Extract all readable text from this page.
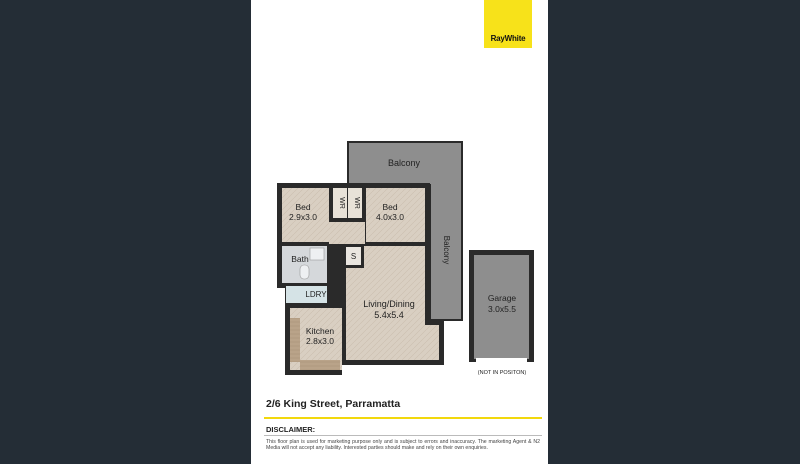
RayWhite
Balcony
Balcony
Bed
2.9x3.0
WR WR	Bed
4.0x3.0
Bath	S
LDRY
Living/Dining
5.4x5.4
Kitchen
2.8x3.0
Garage
3.0x5.5
(NOT IN POSITON)
2/6 King Street, Parramatta
DISCLAIMER:
This floor plan is used for marketing purpose only and is subject to errors and inaccuracy. The marketing Agent & N2 Media will not accept any liability. Interested parties should make and rely on their own enquiries.
